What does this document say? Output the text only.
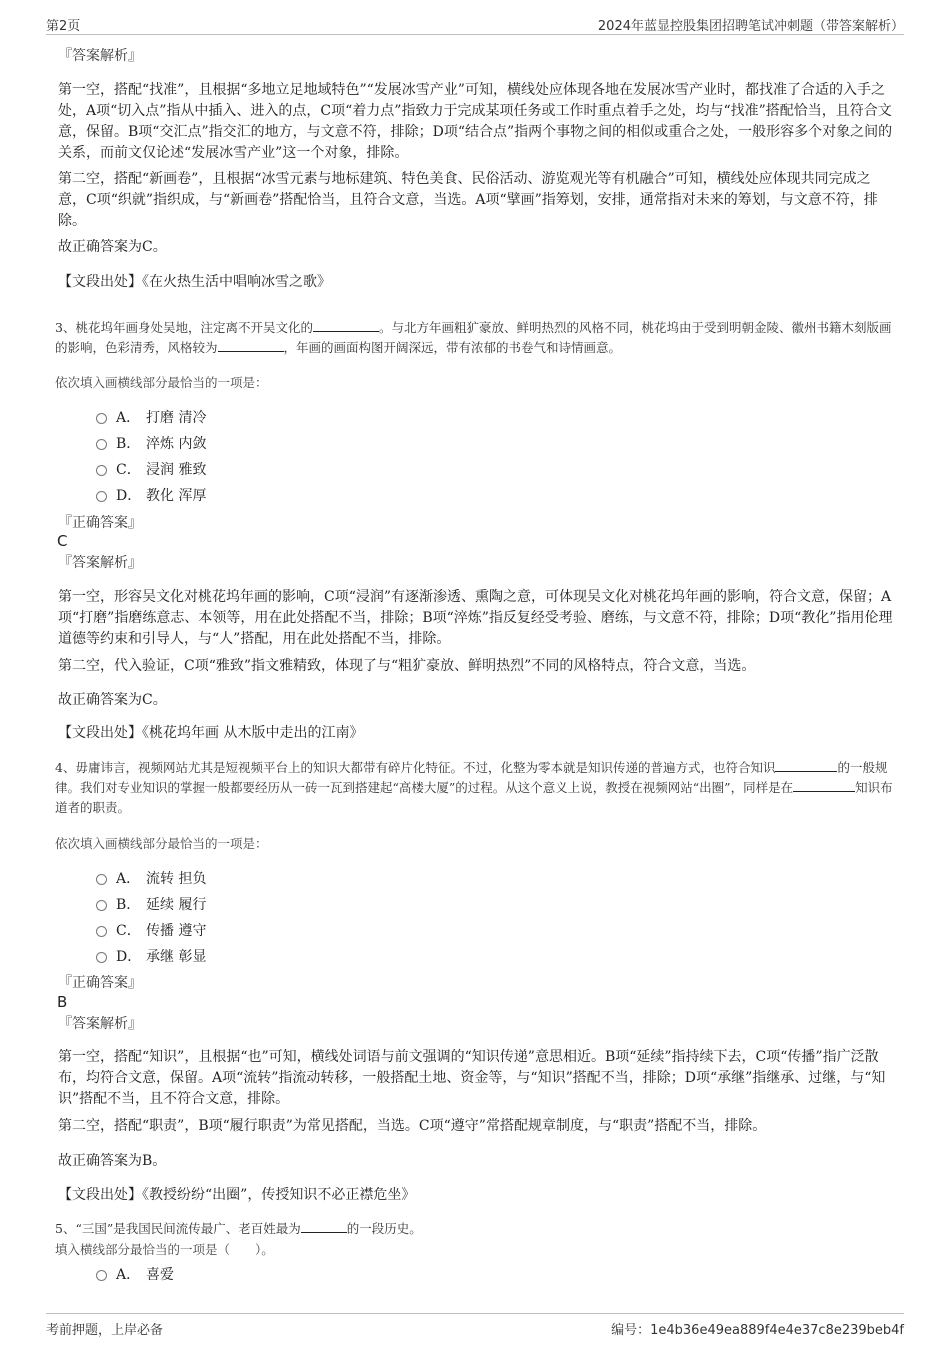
第2页	2024年蓝显控股集团招聘笔试冲刺题（带答案解析）
『答案解析』

第一空，搭配“找准”，且根据“多地立足地域特色”“发展冰雪产业”可知，横线处应体现各地在发展冰雪产业时，都找准了合适的入手之处，A项“切入点”指从中插入、进入的点，C项“着力点”指致力于完成某项任务或工作时重点着手之处，均与“找准”搭配恰当，且符合文意，保留。B项“交汇点”指交汇的地方，与文意不符，排除；D项“结合点”指两个事物之间的相似或重合之处，一般形容多个对象之间的关系，而前文仅论述“发展冰雪产业”这一个对象，排除。

第二空，搭配“新画卷”，且根据“冰雪元素与地标建筑、特色美食、民俗活动、游览观光等有机融合”可知，横线处应体现共同完成之意，C项“织就”指织成，与“新画卷”搭配恰当，且符合文意，当选。A项“擘画”指筹划，安排，通常指对未来的筹划，与文意不符，排除。

故正确答案为C。

【文段出处】《在火热生活中唱响冰雪之歌》

3、桃花坞年画身处吴地，注定离不开吴文化的	。与北方年画粗犷豪放、鲜明热烈的风格不同，桃花坞由于受到明朝金陵、徽州书籍木刻版画的影响，色彩清秀，风格较为	，年画的画面构图开阔深远，带有浓郁的书卷气和诗情画意。

依次填入画横线部分最恰当的一项是：

A． 打磨 清冷
B． 淬炼 内敛
C． 浸润 雅致
D． 教化 浑厚
『正确答案』
C
『答案解析』

第一空，形容吴文化对桃花坞年画的影响，C项“浸润”有逐渐渗透、熏陶之意，可体现吴文化对桃花坞年画的影响，符合文意，保留；A项“打磨”指磨练意志、本领等，用在此处搭配不当，排除；B项“淬炼”指反复经受考验、磨练，与文意不符，排除；D项“教化”指用伦理道德等约束和引导人，与“人”搭配，用在此处搭配不当，排除。

第二空，代入验证，C项“雅致”指文雅精致，体现了与“粗犷豪放、鲜明热烈”不同的风格特点，符合文意，当选。

故正确答案为C。

【文段出处】《桃花坞年画 从木版中走出的江南》

4、毋庸讳言，视频网站尤其是短视频平台上的知识大都带有碎片化特征。不过，化整为零本就是知识传递的普遍方式，也符合知识	的一般规律。我们对专业知识的掌握一般都要经历从一砖一瓦到搭建起“高楼大厦”的过程。从这个意义上说，教授在视频网站“出圈”，同样是在	知识布道者的职责。

依次填入画横线部分最恰当的一项是：

A． 流转 担负
B． 延续 履行
C． 传播 遵守
D． 承继 彰显
『正确答案』
B
『答案解析』

第一空，搭配“知识”，且根据“也”可知，横线处词语与前文强调的“知识传递”意思相近。B项“延续”指持续下去，C项“传播”指广泛散布，均符合文意，保留。A项“流转”指流动转移，一般搭配土地、资金等，与“知识”搭配不当，排除；D项“承继”指继承、过继，与“知识”搭配不当，且不符合文意，排除。

第二空，搭配“职责”，B项“履行职责”为常见搭配，当选。C项“遵守”常搭配规章制度，与“职责”搭配不当，排除。

故正确答案为B。

【文段出处】《教授纷纷“出圈”，传授知识不必正襟危坐》

5、“三国”是我国民间流传最广、老百姓最为	的一段历史。

填入横线部分最恰当的一项是（　　）。

A． 喜爱
考前押题，上岸必备	编号：1e4b36e49ea889f4e4e37c8e239beb4f
